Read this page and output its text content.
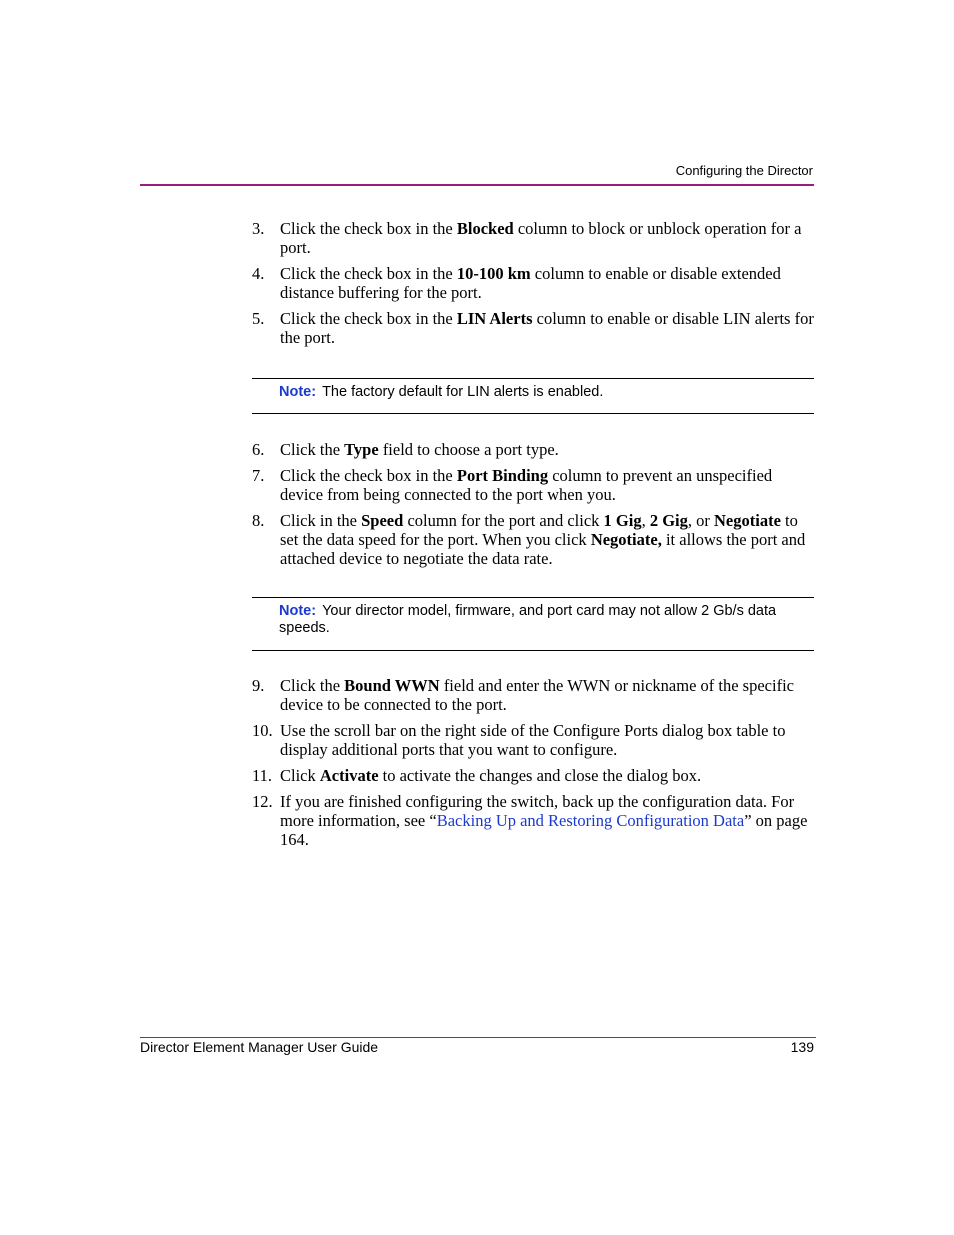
Configuring the Director
3. Click the check box in the Blocked column to block or unblock operation for a port.
4. Click the check box in the 10-100 km column to enable or disable extended distance buffering for the port.
5. Click the check box in the LIN Alerts column to enable or disable LIN alerts for the port.
Note: The factory default for LIN alerts is enabled.
6. Click the Type field to choose a port type.
7. Click the check box in the Port Binding column to prevent an unspecified device from being connected to the port when you.
8. Click in the Speed column for the port and click 1 Gig, 2 Gig, or Negotiate to set the data speed for the port. When you click Negotiate, it allows the port and attached device to negotiate the data rate.
Note: Your director model, firmware, and port card may not allow 2 Gb/s data speeds.
9. Click the Bound WWN field and enter the WWN or nickname of the specific device to be connected to the port.
10. Use the scroll bar on the right side of the Configure Ports dialog box table to display additional ports that you want to configure.
11. Click Activate to activate the changes and close the dialog box.
12. If you are finished configuring the switch, back up the configuration data. For more information, see “Backing Up and Restoring Configuration Data” on page 164.
Director Element Manager User Guide	139
